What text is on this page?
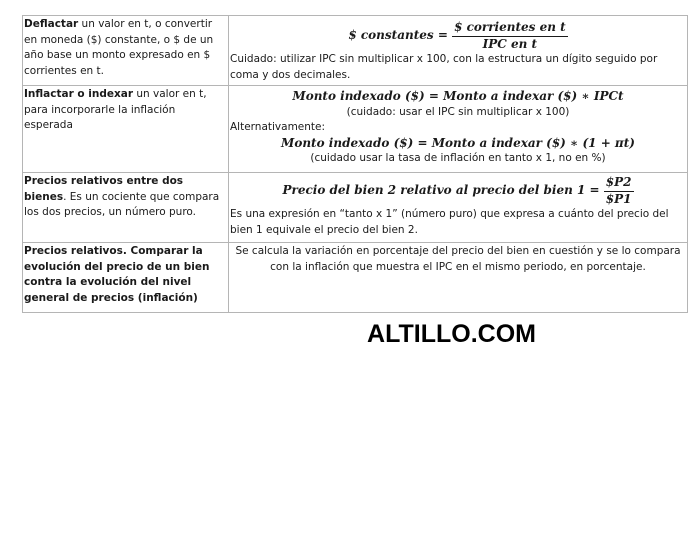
Deflactar un valor en t, o convertir en moneda ($) constante, o $ de un año base un monto expresado en $ corrientes en t.	$ constantes = $\frac{\text{\$ corrientes en t}}{\text{IPC en t}}$
Cuidado: utilizar IPC sin multiplicar x 100, con la estructura un dígito seguido por coma y dos decimales.

Inflactar o indexar un valor en t, para incorporarle la inflación esperada	Monto indexado ($) = Monto a indexar ($) ∗ IPCt
(cuidado: usar el IPC sin multiplicar x 100)
Alternativamente:
Monto indexado ($) = Monto a indexar ($) ∗ (1 + πt)
(cuidado usar la tasa de inflación en tanto x 1, no en %)

Precios relativos entre dos bienes. Es un cociente que compara los dos precios, un número puro.	Precio del bien 2 relativo al precio del bien $1 = \frac{\$P2}{\$P1}$
Es una expresión en “tanto x 1” (número puro) que expresa a cuánto del precio del bien 1 equivale el precio del bien 2.

Precios relativos. Comparar la evolución del precio de un bien contra la evolución del nivel general de precios (inflación)	Se calcula la variación en porcentaje del precio del bien en cuestión y se lo compara con la inflación que muestra el IPC en el mismo periodo, en porcentaje.
ALTILLO.COM
